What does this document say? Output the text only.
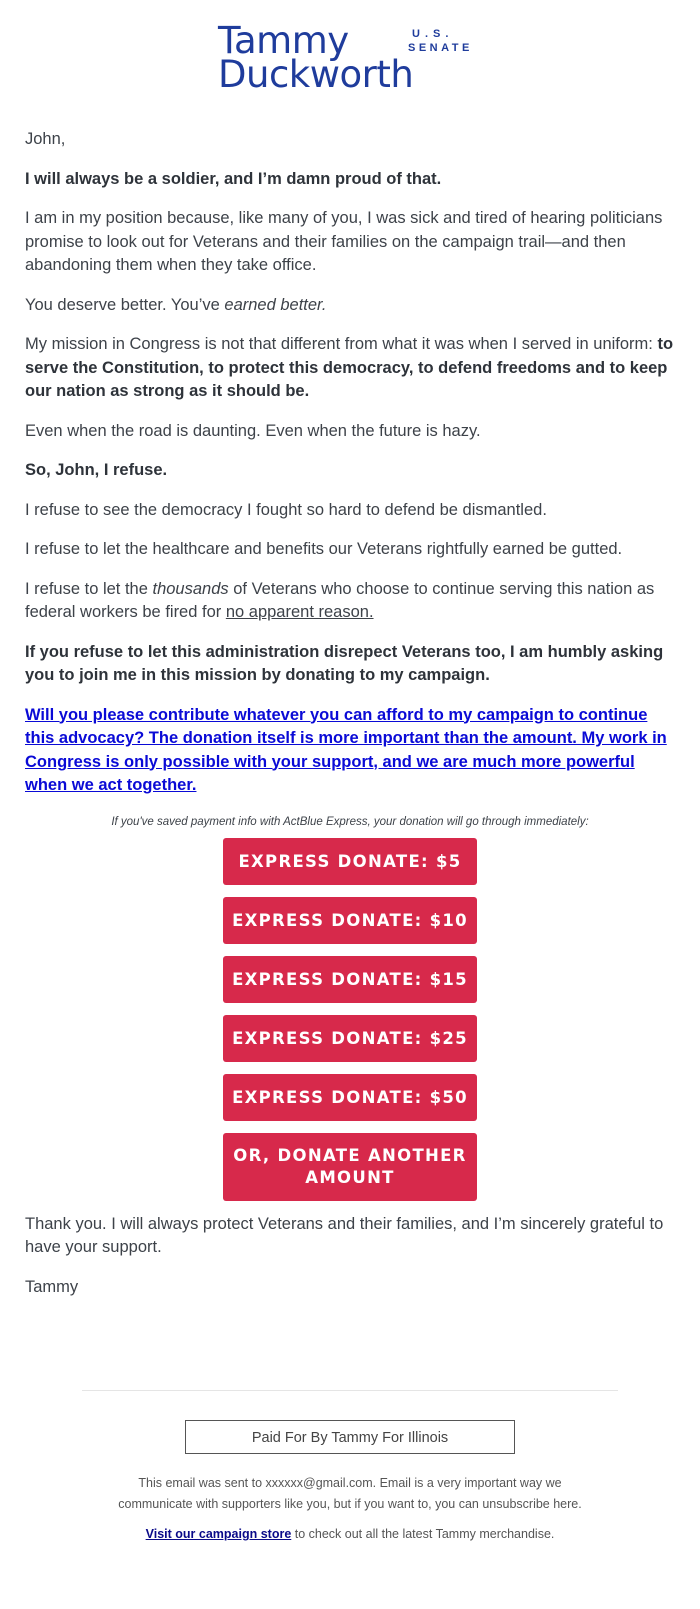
Tammy
Duckworth
U.S.
SENATE

John,

I will always be a soldier, and I’m damn proud of that.

I am in my position because, like many of you, I was sick and tired of hearing politicians promise to look out for Veterans and their families on the campaign trail—and then abandoning them when they take office.

You deserve better. You’ve earned better.

My mission in Congress is not that different from what it was when I served in uniform: to serve the Constitution, to protect this democracy, to defend freedoms and to keep our nation as strong as it should be.

Even when the road is daunting. Even when the future is hazy.

So, John, I refuse.

I refuse to see the democracy I fought so hard to defend be dismantled.

I refuse to let the healthcare and benefits our Veterans rightfully earned be gutted.

I refuse to let the thousands of Veterans who choose to continue serving this nation as federal workers be fired for no apparent reason.

If you refuse to let this administration disrepect Veterans too, I am humbly asking you to join me in this mission by donating to my campaign.

Will you please contribute whatever you can afford to my campaign to continue this advocacy? The donation itself is more important than the amount. My work in Congress is only possible with your support, and we are much more powerful when we act together.

If you've saved payment info with ActBlue Express, your donation will go through immediately:

EXPRESS DONATE: $5
EXPRESS DONATE: $10
EXPRESS DONATE: $15
EXPRESS DONATE: $25
EXPRESS DONATE: $50
OR, DONATE ANOTHER AMOUNT

Thank you. I will always protect Veterans and their families, and I’m sincerely grateful to have your support.

Tammy

Paid For By Tammy For Illinois
This email was sent to xxxxxx@gmail.com. Email is a very important way we
communicate with supporters like you, but if you want to, you can unsubscribe here.
Visit our campaign store to check out all the latest Tammy merchandise.
